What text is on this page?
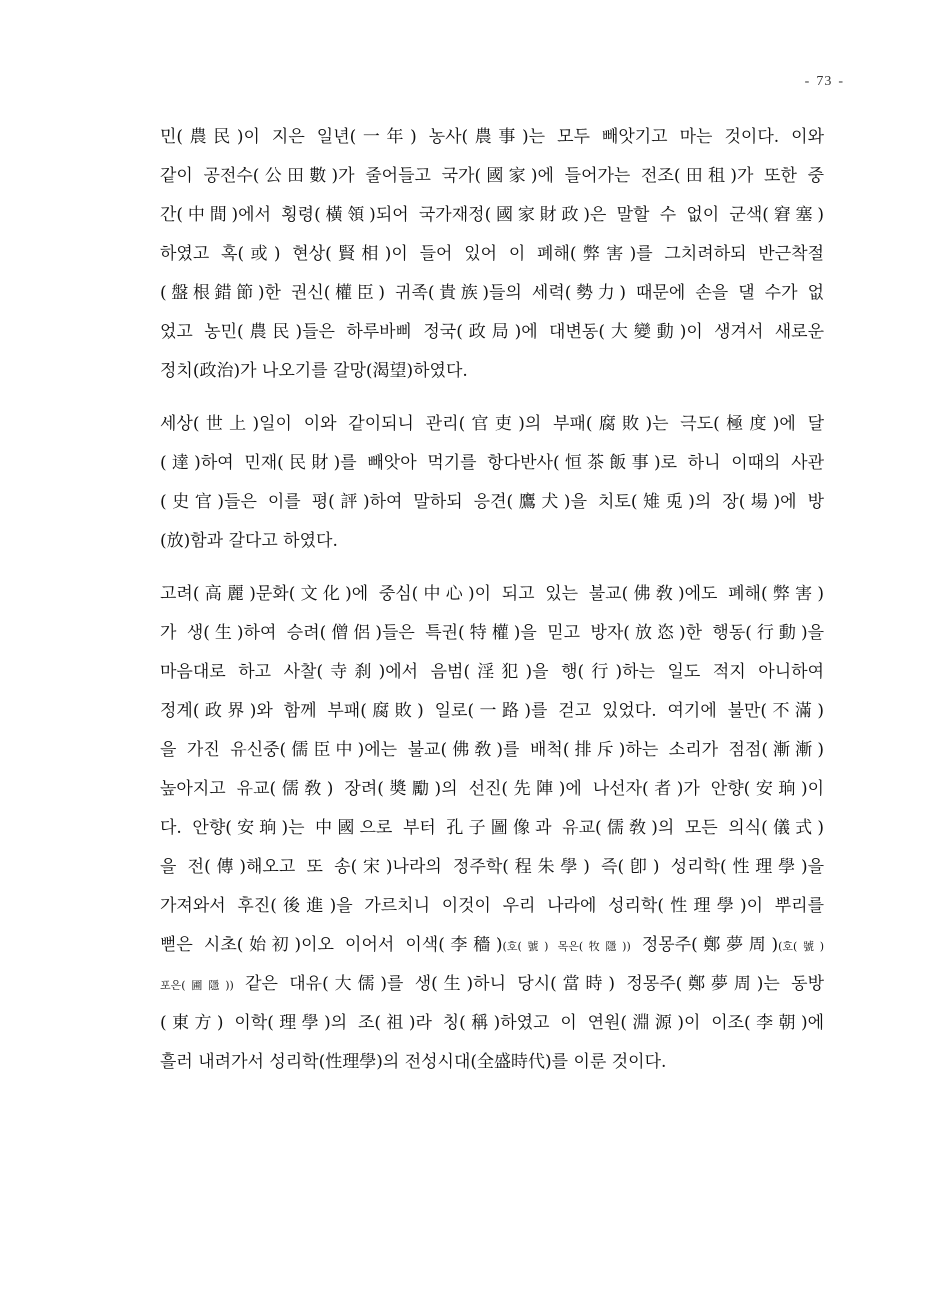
- 73 -
민(農民)이 지은 일년(一年) 농사(農事)는 모두 빼앗기고 마는 것이다. 이와
같이 공전수(公田數)가 줄어들고 국가(國家)에 들어가는 전조(田租)가 또한 중
간(中間)에서 횡령(橫領)되어 국가재정(國家財政)은 말할 수 없이 군색(窘塞)
하였고 혹(或) 현상(賢相)이 들어 있어 이 폐해(弊害)를 그치려하되 반근착절
(盤根錯節)한 권신(權臣) 귀족(貴族)들의 세력(勢力) 때문에 손을 댈 수가 없
었고 농민(農民)들은 하루바삐 정국(政局)에 대변동(大變動)이 생겨서 새로운
정치(政治)가 나오기를 갈망(渴望)하였다.
세상(世上)일이 이와 같이되니 관리(官吏)의 부패(腐敗)는 극도(極度)에 달
(達)하여 민재(民財)를 빼앗아 먹기를 항다반사(恒茶飯事)로 하니 이때의 사관
(史官)들은 이를 평(評)하여 말하되 응견(鷹犬)을 치토(雉兎)의 장(場)에 방
(放)함과 갈다고 하였다.
고려(高麗)문화(文化)에 중심(中心)이 되고 있는 불교(佛敎)에도 폐해(弊害)
가 생(生)하여 승려(僧侶)들은 특권(特權)을 믿고 방자(放恣)한 행동(行動)을
마음대로 하고 사찰(寺刹)에서 음범(淫犯)을 행(行)하는 일도 적지 아니하여
정계(政界)와 함께 부패(腐敗) 일로(一路)를 걷고 있었다. 여기에 불만(不滿)
을 가진 유신중(儒臣中)에는 불교(佛敎)를 배척(排斥)하는 소리가 점점(漸漸)
높아지고 유교(儒敎) 장려(奬勵)의 선진(先陣)에 나선자(者)가 안향(安珦)이
다. 안향(安珦)는 中國으로 부터 孔子圖像과 유교(儒敎)의 모든 의식(儀式)
을 전(傳)해오고 또 송(宋)나라의 정주학(程朱學) 즉(卽) 성리학(性理學)을
가져와서 후진(後進)을 가르치니 이것이 우리 나라에 성리학(性理學)이 뿌리를
뻗은 시초(始初)이오 이어서 이색(李穡)(호(號) 목은(牧隱)) 정몽주(鄭夢周)(호(號)
포은(圃隱)) 같은 대유(大儒)를 생(生)하니 당시(當時) 정몽주(鄭夢周)는 동방
(東方) 이학(理學)의 조(祖)라 칭(稱)하였고 이 연원(淵源)이 이조(李朝)에
흘러 내려가서 성리학(性理學)의 전성시대(全盛時代)를 이룬 것이다.
